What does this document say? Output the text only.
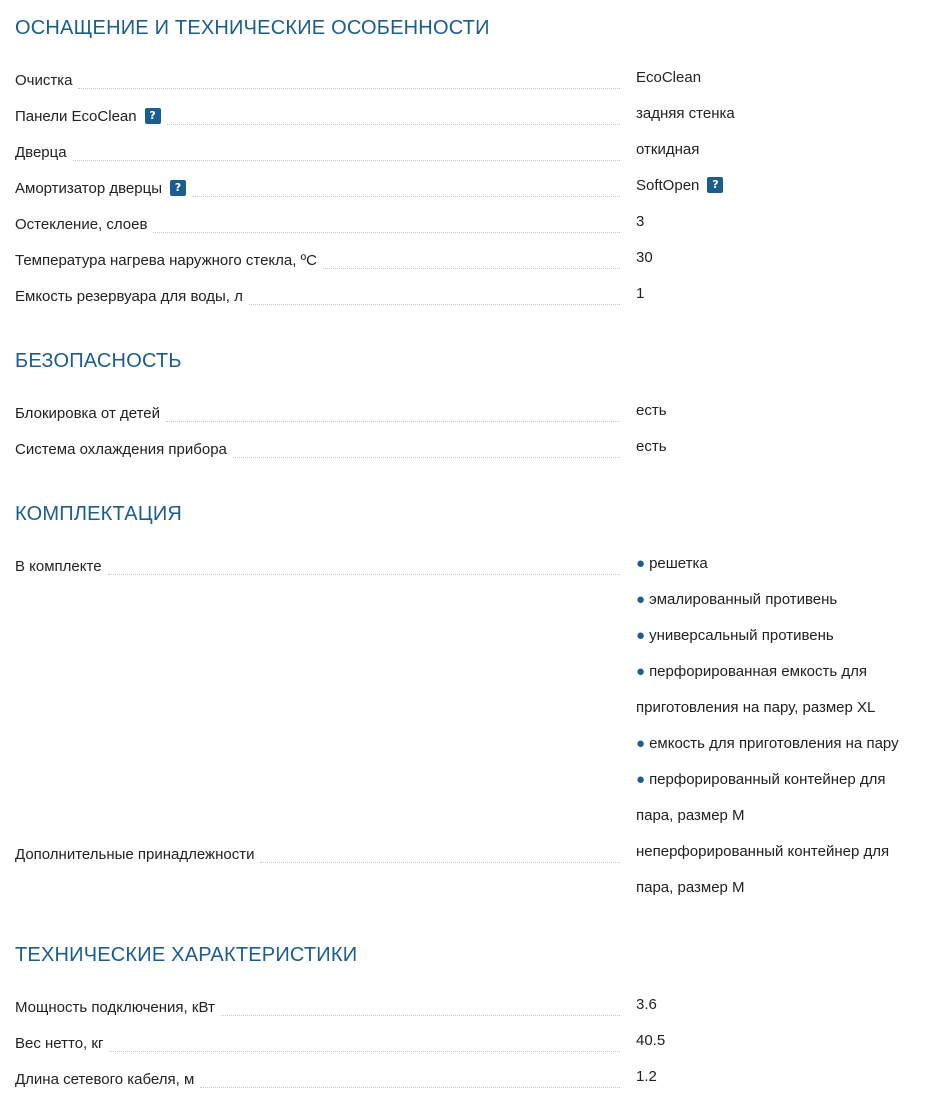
ОСНАЩЕНИЕ И ТЕХНИЧЕСКИЕ ОСОБЕННОСТИ
Очистка	EcoClean
Панели EcoClean ?	задняя стенка
Дверца	откидная
Амортизатор дверцы ?	SoftOpen ?
Остекление, слоев	3
Температура нагрева наружного стекла, ºC	30
Емкость резервуара для воды, л	1
БЕЗОПАСНОСТЬ
Блокировка от детей	есть
Система охлаждения прибора	есть
КОМПЛЕКТАЦИЯ
В комплекте	● решетка
● эмалированный противень
● универсальный противень
● перфорированная емкость для приготовления на пару, размер XL
● емкость для приготовления на пару
● перфорированный контейнер для пара, размер M
Дополнительные принадлежности	неперфорированный контейнер для пара, размер M
ТЕХНИЧЕСКИЕ ХАРАКТЕРИСТИКИ
Мощность подключения, кВт	3.6
Вес нетто, кг	40.5
Длина сетевого кабеля, м	1.2
